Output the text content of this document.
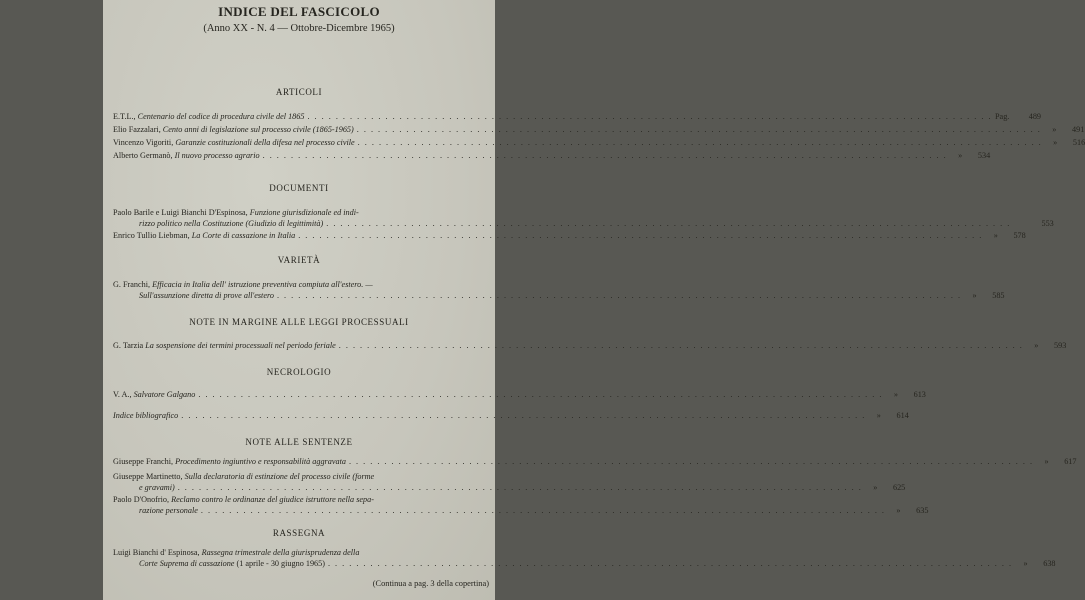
INDICE DEL FASCICOLO
(Anno XX - N. 4 — Ottobre-Dicembre 1965)
ARTICOLI
E.T.L., Centenario del codice di procedura civile del 1865 . . .	Pag.	489
Elio Fazzalari, Cento anni di legislazione sul processo civile (1865-1965) . . .	»	491
Vincenzo Vigoriti, Garanzie costituzionali della difesa nel processo civile . . .	»	516
Alberto Germanò, Il nuovo processo agrario . . .	»	534
DOCUMENTI
Paolo Barile e Luigi Bianchi D'Espinosa, Funzione giurisdizionale ed indi-
rizzo politico nella Costituzione (Giudizio di legittimità) . . .	553
Enrico Tullio Liebman, La Corte di cassazione in Italia . . .	»	578
VARIETÀ
G. Franchi, Efficacia in Italia dell' istruzione preventiva compiuta all'estero. —
Sull'assunzione diretta di prove all'estero . . .	»	585
NOTE IN MARGINE ALLE LEGGI PROCESSUALI
G. Tarzia La sospensione dei termini processuali nel periodo feriale . . .	»	593
NECROLOGIO
V. A., Salvatore Galgano . . .	»	613
Indice bibliografico . . .	»	614
NOTE ALLE SENTENZE
Giuseppe Franchi, Procedimento ingiuntivo e responsabilità aggravata . . .	»	617
Giuseppe Martinetto, Sulla declaratoria di estinzione del processo civile (forme
e gravami) . . .	»	625
Paolo D'Onofrio, Reclamo contro le ordinanze del giudice istruttore nella sepa-
razione personale . . .	»	635
RASSEGNA
Luigi Bianchi d' Espinosa, Rassegna trimestrale della giurisprudenza della
Corte Suprema di cassazione (1 aprile - 30 giugno 1965) . . .	»	638
(Continua a pag. 3 della copertina)
